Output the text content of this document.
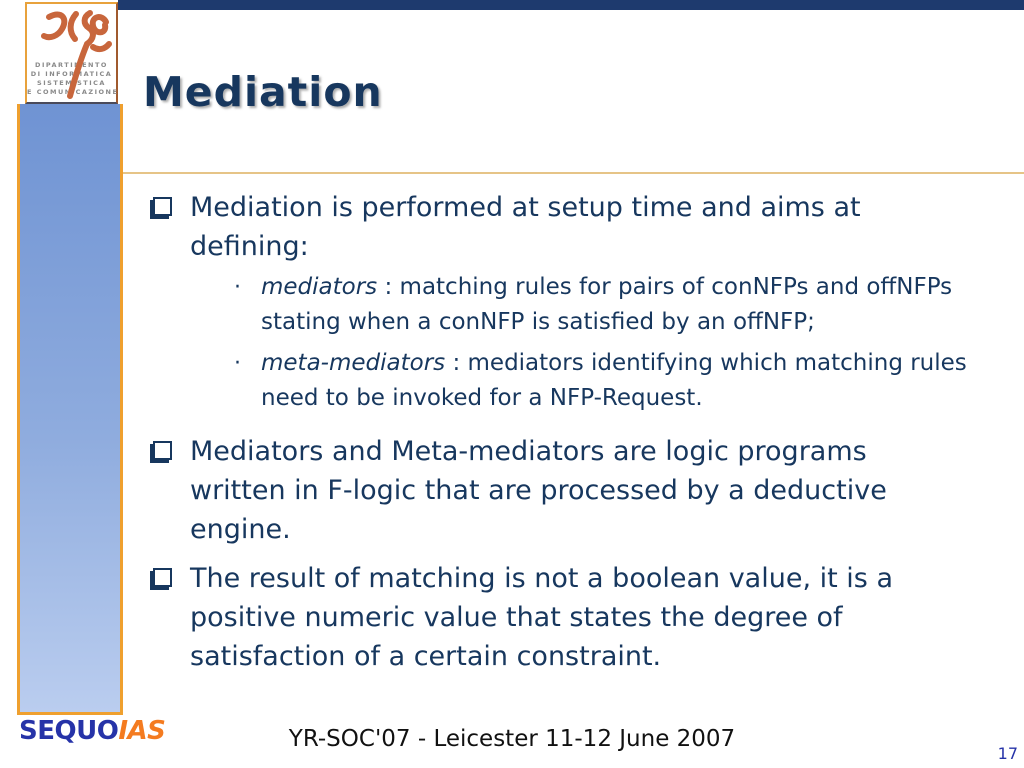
DIPARTIMENTO
DI INFORMATICA
SISTEMISTICA
E COMUNICAZIONE Mediation
Mediation is performed at setup time and aims at
defining:
· mediators : matching rules for pairs of conNFPs and offNFPs
stating when a conNFP is satisfied by an offNFP;
· meta-mediators : mediators identifying which matching rules
need to be invoked for a NFP-Request.
Mediators and Meta-mediators are logic programs
written in F-logic that are processed by a deductive
engine.
The result of matching is not a boolean value, it is a
positive numeric value that states the degree of
satisfaction of a certain constraint.
SEQUOIAS	YR-SOC'07 - Leicester 11-12 June 2007
17
